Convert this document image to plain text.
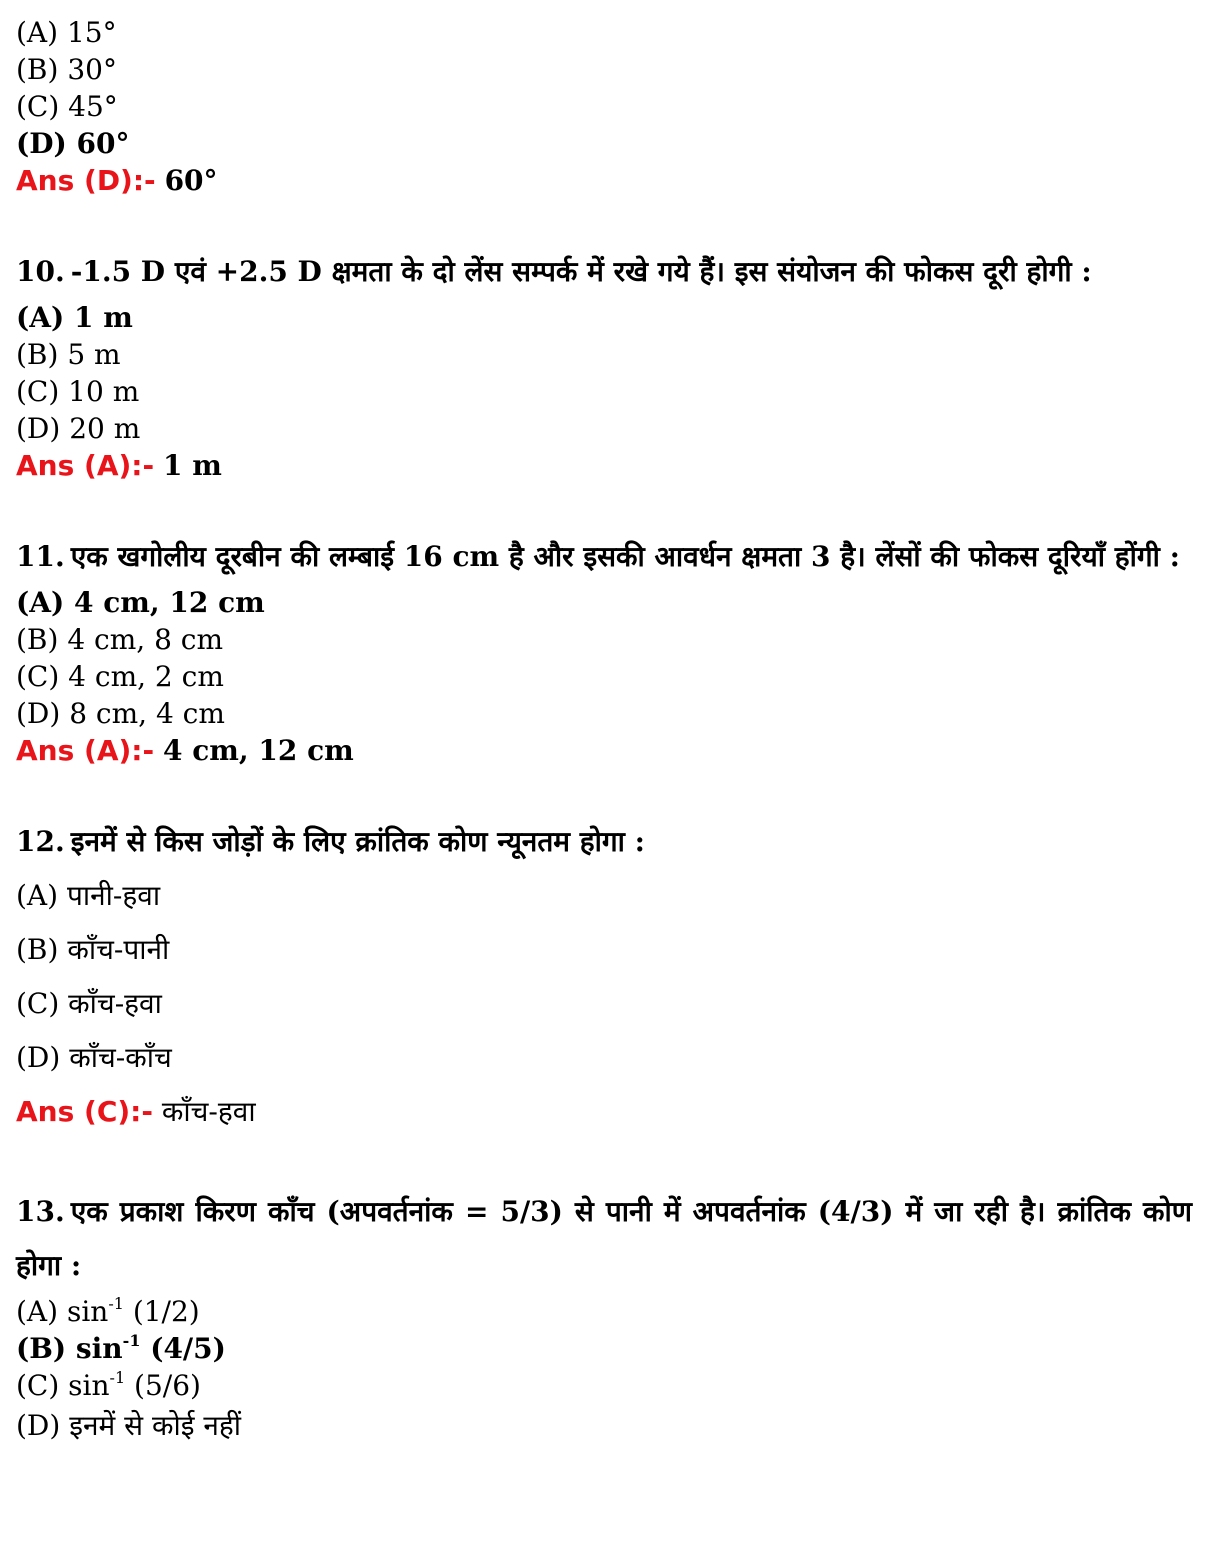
(A) 15°
(B) 30°
(C) 45°
(D) 60°
Ans (D):- 60°
10. -1.5 D एवं +2.5 D क्षमता के दो लेंस सम्पर्क में रखे गये हैं। इस संयोजन की फोकस दूरी होगी :
(A) 1 m
(B) 5 m
(C) 10 m
(D) 20 m
Ans (A):- 1 m
11. एक खगोलीय दूरबीन की लम्बाई 16 cm है और इसकी आवर्धन क्षमता 3 है। लेंसों की फोकस दूरियाँ होंगी :
(A) 4 cm, 12 cm
(B) 4 cm, 8 cm
(C) 4 cm, 2 cm
(D) 8 cm, 4 cm
Ans (A):- 4 cm, 12 cm
12. इनमें से किस जोड़ों के लिए क्रांतिक कोण न्यूनतम होगा :
(A) पानी-हवा
(B) काँच-पानी
(C) काँच-हवा
(D) काँच-काँच
Ans (C):- काँच-हवा
13. एक प्रकाश किरण काँच (अपवर्तनांक = 5/3) से पानी में अपवर्तनांक (4/3) में जा रही है। क्रांतिक कोण होगा :
(A) $\sin^{-1} (1/2)$
(B) $\sin^{-1} (4/5)$
(C) $\sin^{-1} (5/6)$
(D) इनमें से कोई नहीं
